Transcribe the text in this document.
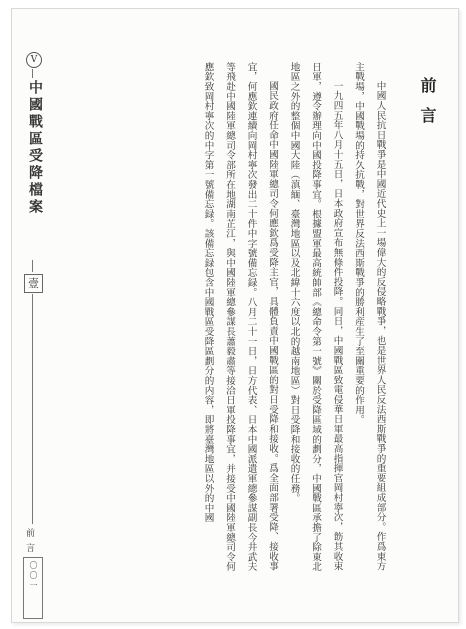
V
中國戰區受降檔案
壹
前言
〇〇一
前言

中國人民抗日戰爭是中國近代史上一場偉大的反侵略戰爭，也是世界人民反法西斯戰爭的重要組成部分。作爲東方主戰場，中國戰場的持久抗戰，對世界反法西斯戰爭的勝利産生了至關重要的作用。

一九四五年八月十五日，日本政府宣布無條件投降。同日，中國戰區致電侵華日軍最高指揮官岡村寧次，飭其收束日軍，遵令辦理向中國投降事宜。根據盟軍最高統帥部《總命令第一號》關於受降區域的劃分，中國戰區承擔了除東北地區之外的整個中國大陸（滇緬、臺灣地區以及北緯十六度以北的越南地區）對日受降和接收的任務。

國民政府任命中國陸軍總司令何應欽爲受降主官，具體負責中國戰區的對日受降和接收。爲全面部署受降、接收事宜，何應欽連續向岡村寧次發出二十件中字號備忘録。八月二十一日，日方代表、日本中國派遣軍總參謀副長今井武夫等飛赴中國陸軍總司令部所在地湖南芷江，與中國陸軍總參謀長蕭毅肅等接洽日軍投降事宜，并接受中國陸軍總司令何應欽致岡村寧次的中字第一號備忘録。該備忘録包含中國戰區受降區劃分的内容，即將臺灣地區以外的中國
